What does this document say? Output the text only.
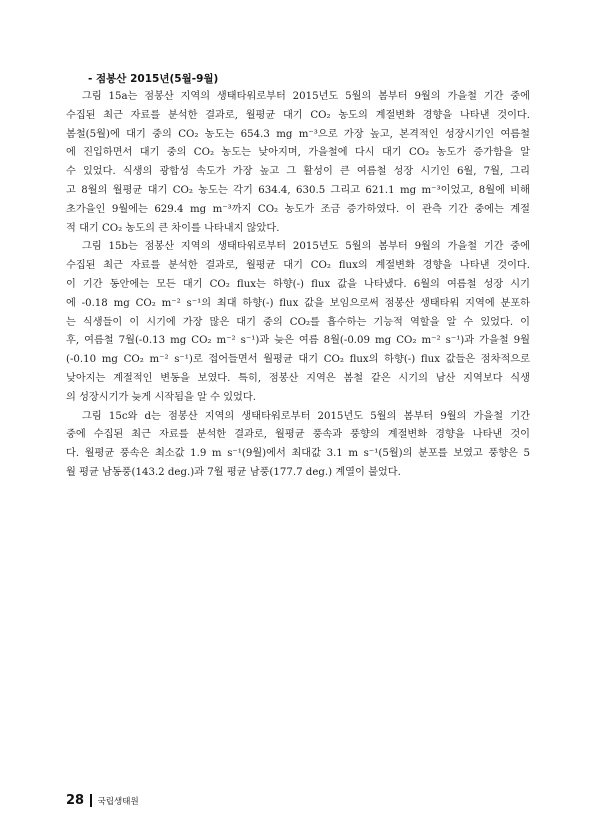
- 점봉산 2015년(5월-9월)
그림 15a는 점봉산 지역의 생태타워로부터 2015년도 5월의 봄부터 9월의 가을철 기간 중에
수집된 최근 자료를 분석한 결과로, 월평균 대기 CO₂ 농도의 계절변화 경향을 나타낸 것이다.
봄철(5월)에 대기 중의 CO₂ 농도는 654.3 mg m⁻³으로 가장 높고, 본격적인 성장시기인 여름철
에 진입하면서 대기 중의 CO₂ 농도는 낮아지며, 가을철에 다시 대기 CO₂ 농도가 증가함을 알
수 있었다. 식생의 광합성 속도가 가장 높고 그 활성이 큰 여름철 성장 시기인 6월, 7월, 그리
고 8월의 월평균 대기 CO₂ 농도는 각기 634.4, 630.5 그리고 621.1 mg m⁻³이었고, 8월에 비해
초가을인 9월에는 629.4 mg m⁻³까지 CO₂ 농도가 조금 증가하였다. 이 관측 기간 중에는 계절
적 대기 CO₂ 농도의 큰 차이를 나타내지 않았다.
그림 15b는 점봉산 지역의 생태타워로부터 2015년도 5월의 봄부터 9월의 가을철 기간 중에
수집된 최근 자료를 분석한 결과로, 월평균 대기 CO₂ flux의 계절변화 경향을 나타낸 것이다.
이 기간 동안에는 모든 대기 CO₂ flux는 하향(-) flux 값을 나타냈다. 6월의 여름철 성장 시기
에 -0.18 mg CO₂ m⁻² s⁻¹의 최대 하향(-) flux 값을 보임으로써 점봉산 생태타워 지역에 분포하
는 식생들이 이 시기에 가장 많은 대기 중의 CO₂를 흡수하는 기능적 역할을 알 수 있었다. 이
후, 여름철 7월(-0.13 mg CO₂ m⁻² s⁻¹)과 늦은 여름 8월(-0.09 mg CO₂ m⁻² s⁻¹)과 가을철 9월
(-0.10 mg CO₂ m⁻² s⁻¹)로 접어들면서 월평균 대기 CO₂ flux의 하향(-) flux 값들은 점차적으로
낮아지는 계절적인 변동을 보였다. 특히, 점봉산 지역은 봄철 같은 시기의 남산 지역보다 식생
의 성장시기가 늦게 시작됨을 알 수 있었다.
그림 15c와 d는 점봉산 지역의 생태타워로부터 2015년도 5월의 봄부터 9월의 가을철 기간
중에 수집된 최근 자료를 분석한 결과로, 월평균 풍속과 풍향의 계절변화 경향을 나타낸 것이
다. 월평균 풍속은 최소값 1.9 m s⁻¹(9월)에서 최대값 3.1 m s⁻¹(5월)의 분포를 보였고 풍향은 5
월 평균 남동풍(143.2 deg.)과 7월 평균 남풍(177.7 deg.) 계열이 불었다.
28 국립생태원
